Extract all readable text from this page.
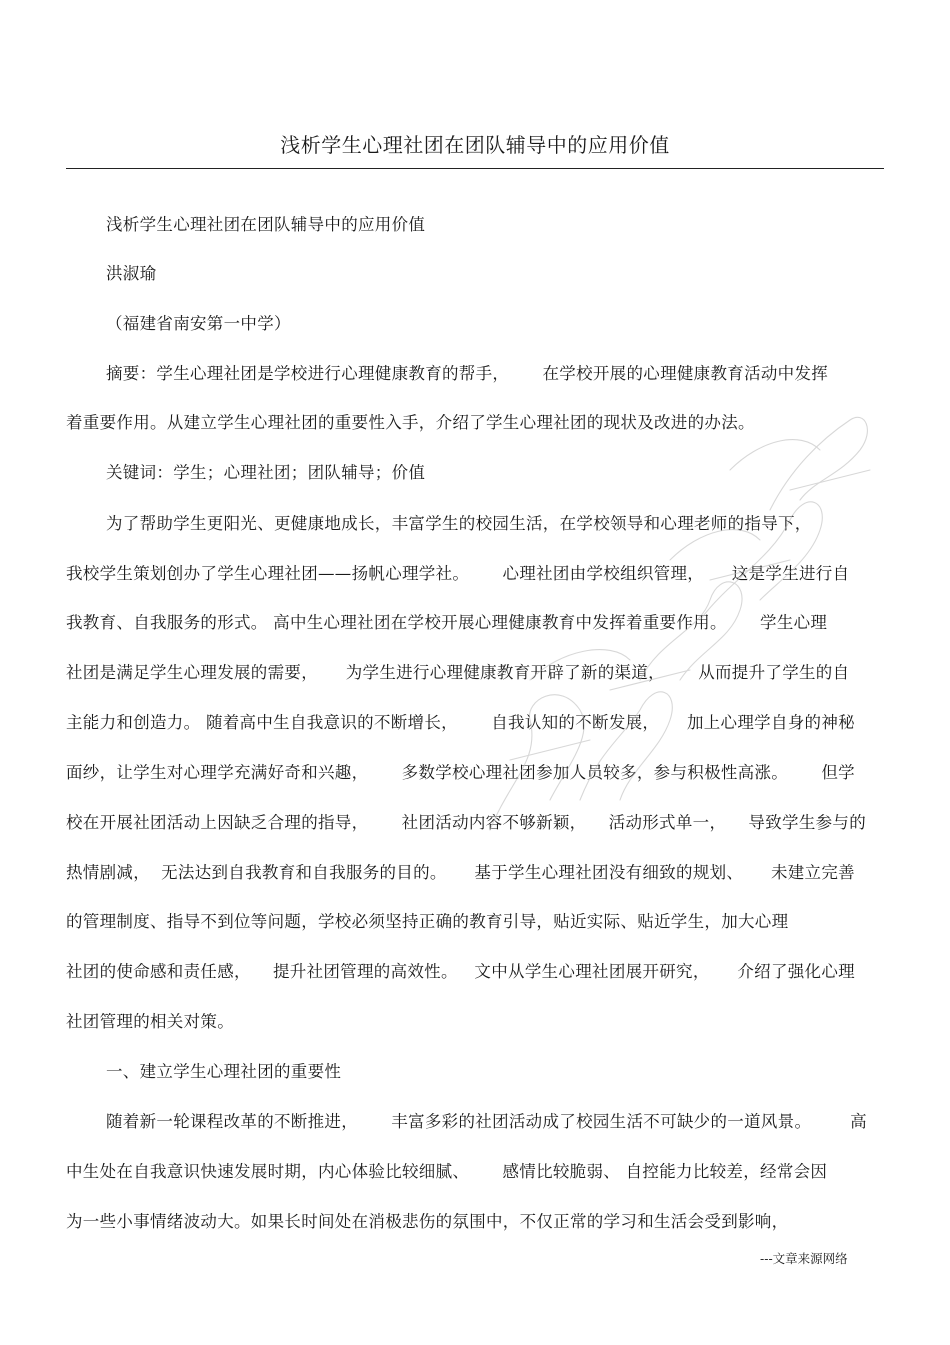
浅析学生心理社团在团队辅导中的应用价值
浅析学生心理社团在团队辅导中的应用价值
洪淑瑜
（福建省南安第一中学）
摘要：学生心理社团是学校进行心理健康教育的帮手，      在学校开展的心理健康教育活动中发挥
着重要作用。从建立学生心理社团的重要性入手，介绍了学生心理社团的现状及改进的办法。
关键词：学生；心理社团；团队辅导；价值
为了帮助学生更阳光、更健康地成长，丰富学生的校园生活，在学校领导和心理老师的指导下，
我校学生策划创办了学生心理社团——扬帆心理学社。      心理社团由学校组织管理，     这是学生进行自
我教育、自我服务的形式。 高中生心理社团在学校开展心理健康教育中发挥着重要作用。      学生心理
社团是满足学生心理发展的需要，     为学生进行心理健康教育开辟了新的渠道，      从而提升了学生的自
主能力和创造力。 随着高中生自我意识的不断增长，      自我认知的不断发展，     加上心理学自身的神秘
面纱，让学生对心理学充满好奇和兴趣，      多数学校心理社团参加人员较多，参与积极性高涨。      但学
校在开展社团活动上因缺乏合理的指导，      社团活动内容不够新颖，    活动形式单一，    导致学生参与的
热情剧减，  无法达到自我教育和自我服务的目的。     基于学生心理社团没有细致的规划、     未建立完善
的管理制度、指导不到位等问题，学校必须坚持正确的教育引导，贴近实际、贴近学生，加大心理
社团的使命感和责任感，    提升社团管理的高效性。   文中从学生心理社团展开研究，     介绍了强化心理
社团管理的相关对策。
一、建立学生心理社团的重要性
随着新一轮课程改革的不断推进，      丰富多彩的社团活动成了校园生活不可缺少的一道风景。       高
中生处在自我意识快速发展时期，内心体验比较细腻、      感情比较脆弱、 自控能力比较差，经常会因
为一些小事情绪波动大。如果长时间处在消极悲伤的氛围中，不仅正常的学习和生活会受到影响，
---文章来源网络
